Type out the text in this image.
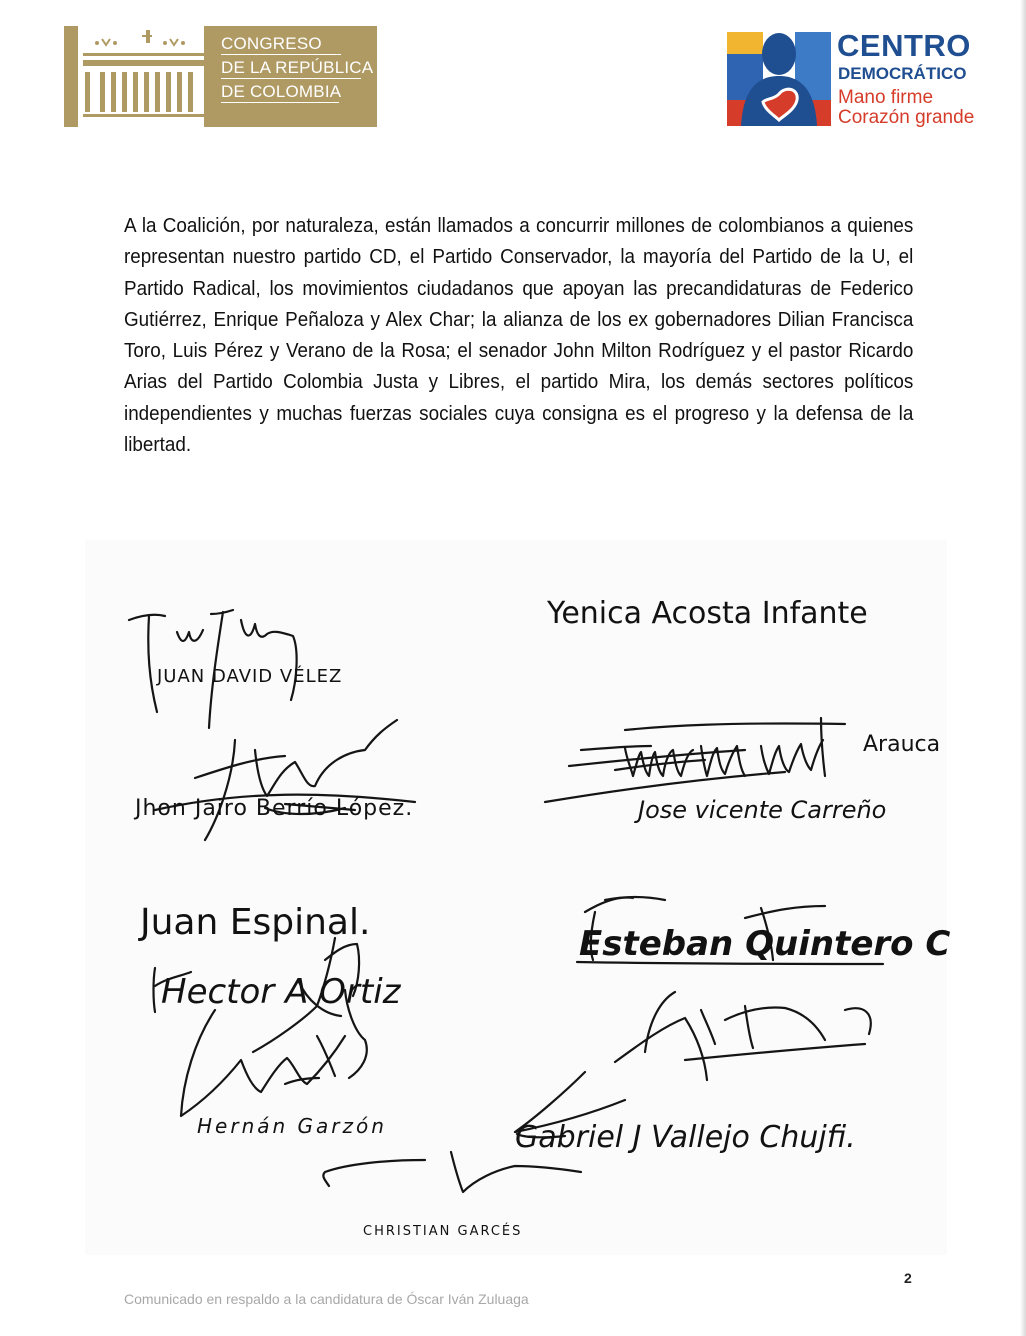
CONGRESO
DE LA REPÚBLICA
DE COLOMBIA
CENTRO
DEMOCRÁTICO
Mano firme
Corazón grande
A la Coalición, por naturaleza, están llamados a concurrir millones de colombianos a quienes representan nuestro partido CD, el Partido Conservador, la mayoría del Partido de la U, el Partido Radical, los movimientos ciudadanos que apoyan las precandidaturas de Federico Gutiérrez, Enrique Peñaloza y Alex Char; la alianza de los ex gobernadores Dilian Francisca Toro, Luis Pérez y Verano de la Rosa; el senador John Milton Rodríguez y el pastor Ricardo Arias del Partido Colombia Justa y Libres, el partido Mira, los demás sectores políticos independientes y muchas fuerzas sociales cuya consigna es el progreso y la defensa de la libertad.
JUAN DAVID VÉLEZ
Yenica Acosta Infante
Jhon Jairo Berrío López.	Jose vicente Carreño
Arauca
Juan Espinal.
Esteban Quintero C
Hector A Ortiz
Hernán Garzón	Gabriel J Vallejo Chujfi.
CHRISTIAN GARCÉS
2
Comunicado en respaldo a la candidatura de Óscar Iván Zuluaga
